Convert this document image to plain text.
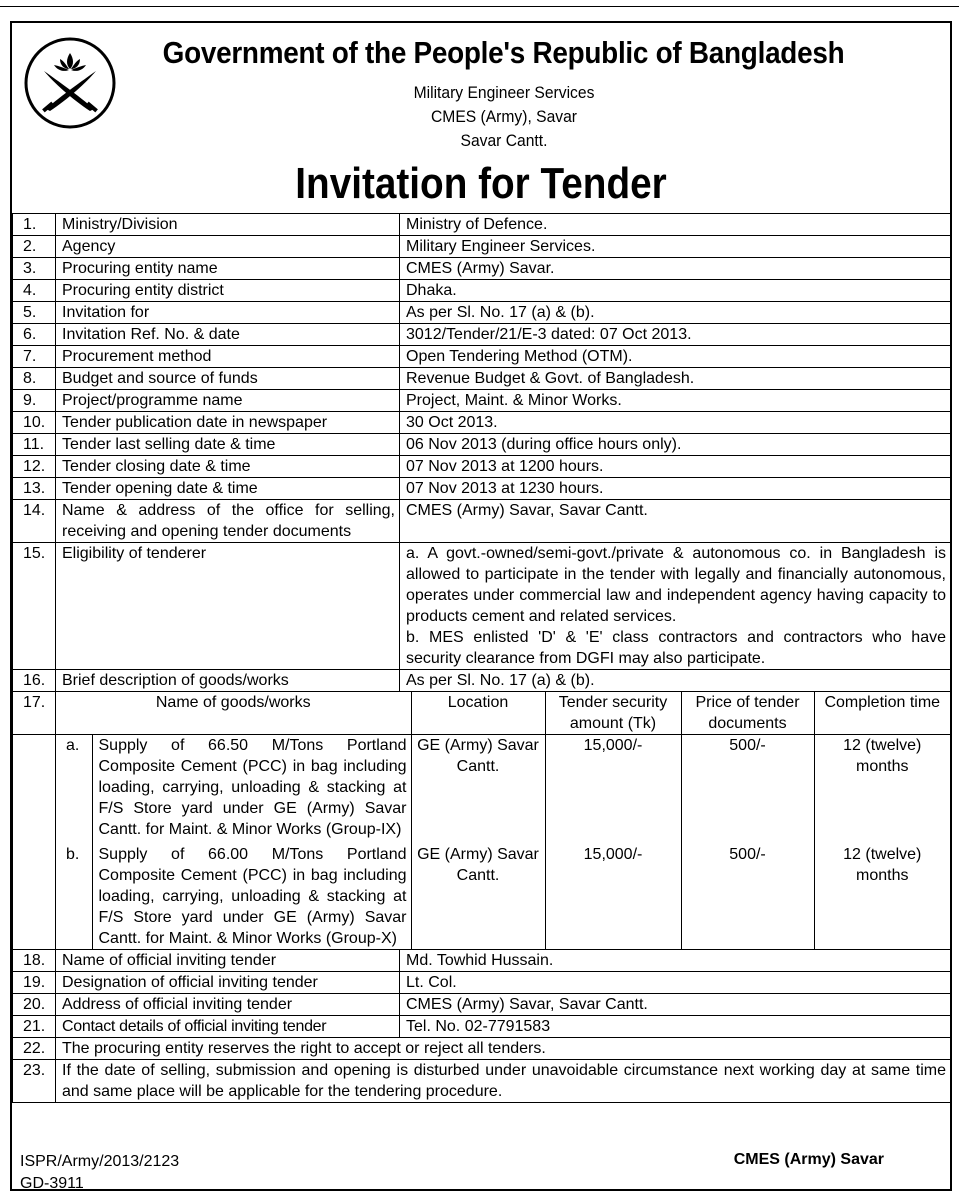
Government of the People's Republic of Bangladesh
Military Engineer Services
CMES (Army), Savar
Savar Cantt.
Invitation for Tender
1.	Ministry/Division	Ministry of Defence.
2.	Agency	Military Engineer Services.
3.	Procuring entity name	CMES (Army) Savar.
4.	Procuring entity district	Dhaka.
5.	Invitation for	As per Sl. No. 17 (a) & (b).
6.	Invitation Ref. No. & date	3012/Tender/21/E-3 dated: 07 Oct 2013.
7.	Procurement method	Open Tendering Method (OTM).
8.	Budget and source of funds	Revenue Budget & Govt. of Bangladesh.
9.	Project/programme name	Project, Maint. & Minor Works.
10.	Tender publication date in newspaper	30 Oct 2013.
11.	Tender last selling date & time	06 Nov 2013 (during office hours only).
12.	Tender closing date & time	07 Nov 2013 at 1200 hours.
13.	Tender opening date & time	07 Nov 2013 at 1230 hours.
14.	Name & address of the office for selling, receiving and opening tender documents	CMES (Army) Savar, Savar Cantt.
15.	Eligibility of tenderer	a. A govt.-owned/semi-govt./private & autonomous co. in Bangladesh is allowed to participate in the tender with legally and financially autonomous, operates under commercial law and independent agency having capacity to products cement and related services.
b. MES enlisted 'D' & 'E' class contractors and contractors who have security clearance from DGFI may also participate.

16.	Brief description of goods/works	As per Sl. No. 17 (a) & (b).
17.		Name of goods/works	Location	Tender security amount (Tk)	Price of tender documents	Completion time

a.	Supply of 66.50 M/Tons Portland Composite Cement (PCC) in bag including loading, carrying, unloading & stacking at F/S Store yard under GE (Army) Savar Cantt. for Maint. & Minor Works (Group-IX)	GE (Army) Savar Cantt.	15,000/-	500/-	12 (twelve) months
b.	Supply of 66.00 M/Tons Portland Composite Cement (PCC) in bag including loading, carrying, unloading & stacking at F/S Store yard under GE (Army) Savar Cantt. for Maint. & Minor Works (Group-X)	GE (Army) Savar Cantt.	15,000/-	500/-	12 (twelve) months

18.	Name of official inviting tender	Md. Towhid Hussain.
19.	Designation of official inviting tender	Lt. Col.
20.	Address of official inviting tender	CMES (Army) Savar, Savar Cantt.
21.	Contact details of official inviting tender	Tel. No. 02-7791583
22.	The procuring entity reserves the right to accept or reject all tenders.
23.	If the date of selling, submission and opening is disturbed under unavoidable circumstance next working day at same time and same place will be applicable for the tendering procedure.
ISPR/Army/2013/2123
GD-3911
CMES (Army) Savar
